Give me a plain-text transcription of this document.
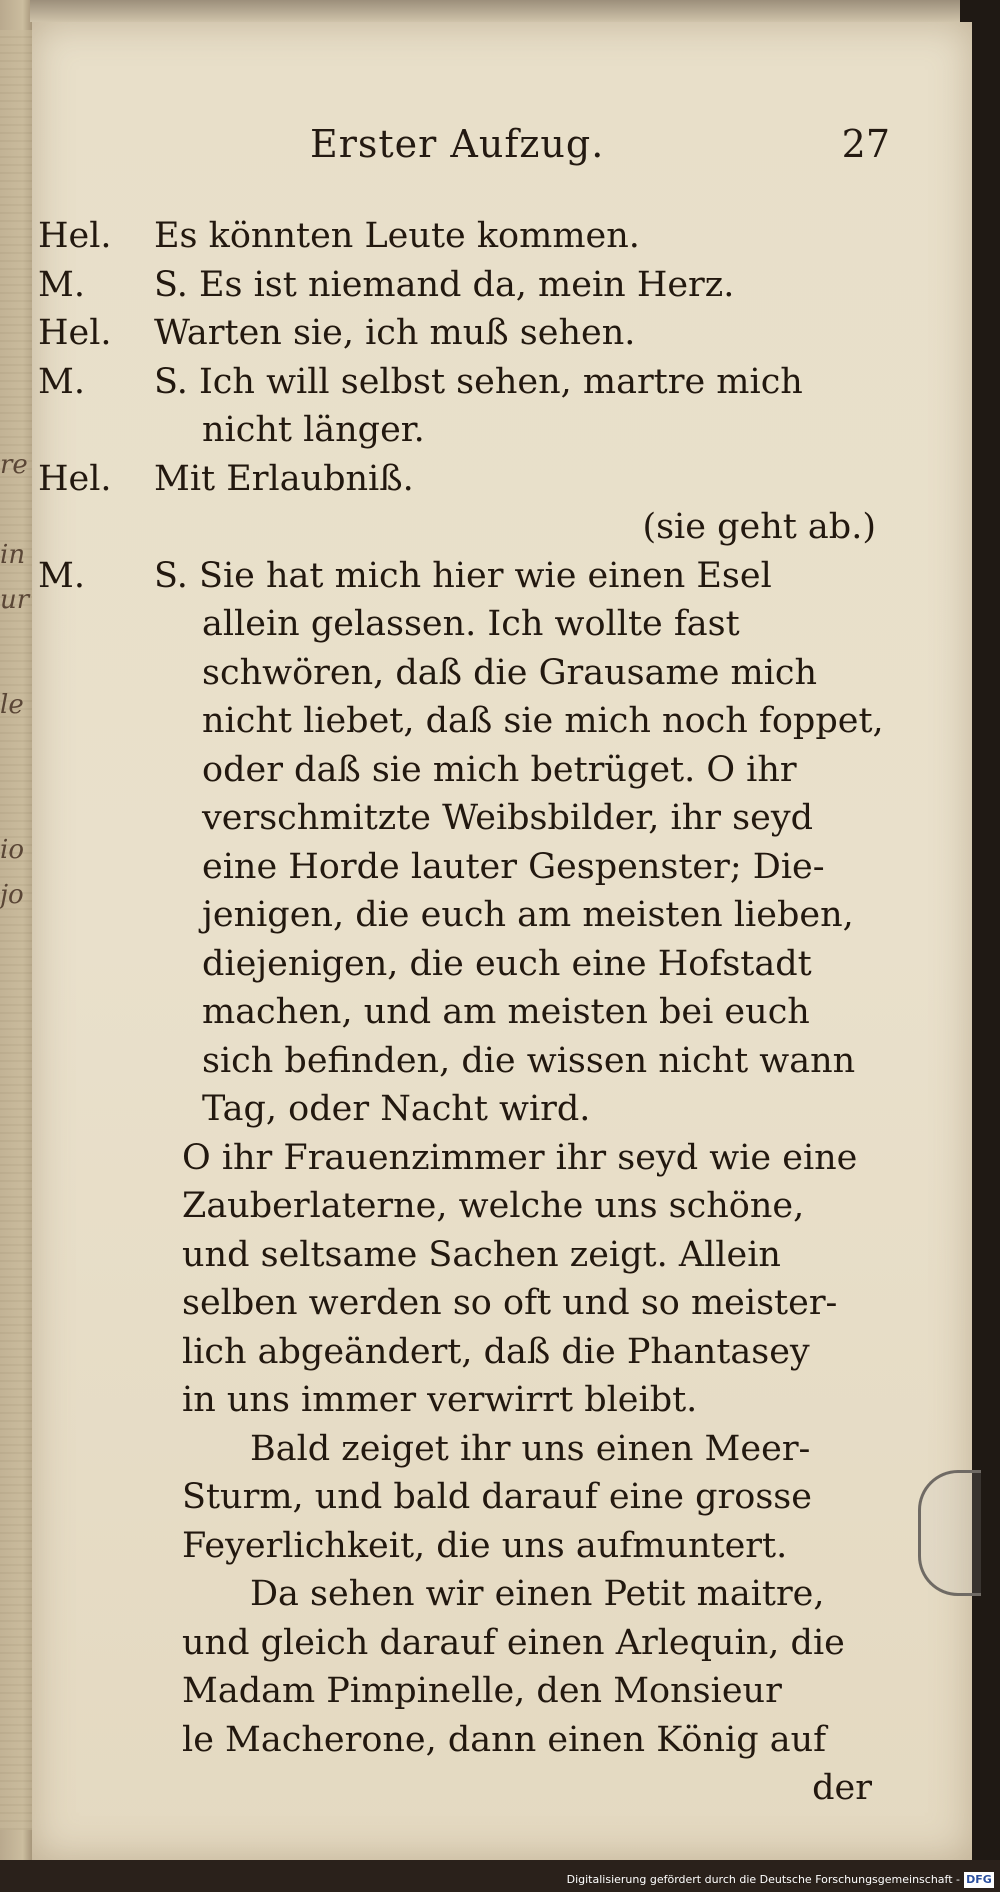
Erster Aufzug.	27
Hel. Es könnten Leute kommen.
M. S. Es ist niemand da, mein Herz.
Hel. Warten sie, ich muß sehen.
M. S. Ich will selbst sehen, martre mich
nicht länger.
Hel. Mit Erlaubniß.
(sie geht ab.)
M. S. Sie hat mich hier wie einen Esel
allein gelassen. Ich wollte fast
schwören, daß die Grausame mich
nicht liebet, daß sie mich noch foppet,
oder daß sie mich betrüget. O ihr
verschmitzte Weibsbilder, ihr seyd
eine Horde lauter Gespenster; Die-
jenigen, die euch am meisten lieben,
diejenigen, die euch eine Hofstadt
machen, und am meisten bei euch
sich befinden, die wissen nicht wann
Tag, oder Nacht wird.
O ihr Frauenzimmer ihr seyd wie eine
Zauberlaterne, welche uns schöne,
und seltsame Sachen zeigt. Allein
selben werden so oft und so meister-
lich abgeändert, daß die Phantasey
in uns immer verwirrt bleibt.
Bald zeiget ihr uns einen Meer-
Sturm, und bald darauf eine grosse
Feyerlichkeit, die uns aufmuntert.
Da sehen wir einen Petit maitre,
und gleich darauf einen Arlequin, die
Madam Pimpinelle, den Monsieur
le Macherone, dann einen König auf
der
re
in
ur
le
io
jo
Digitalisierung gefördert durch die Deutsche Forschungsgemeinschaft - DFG
